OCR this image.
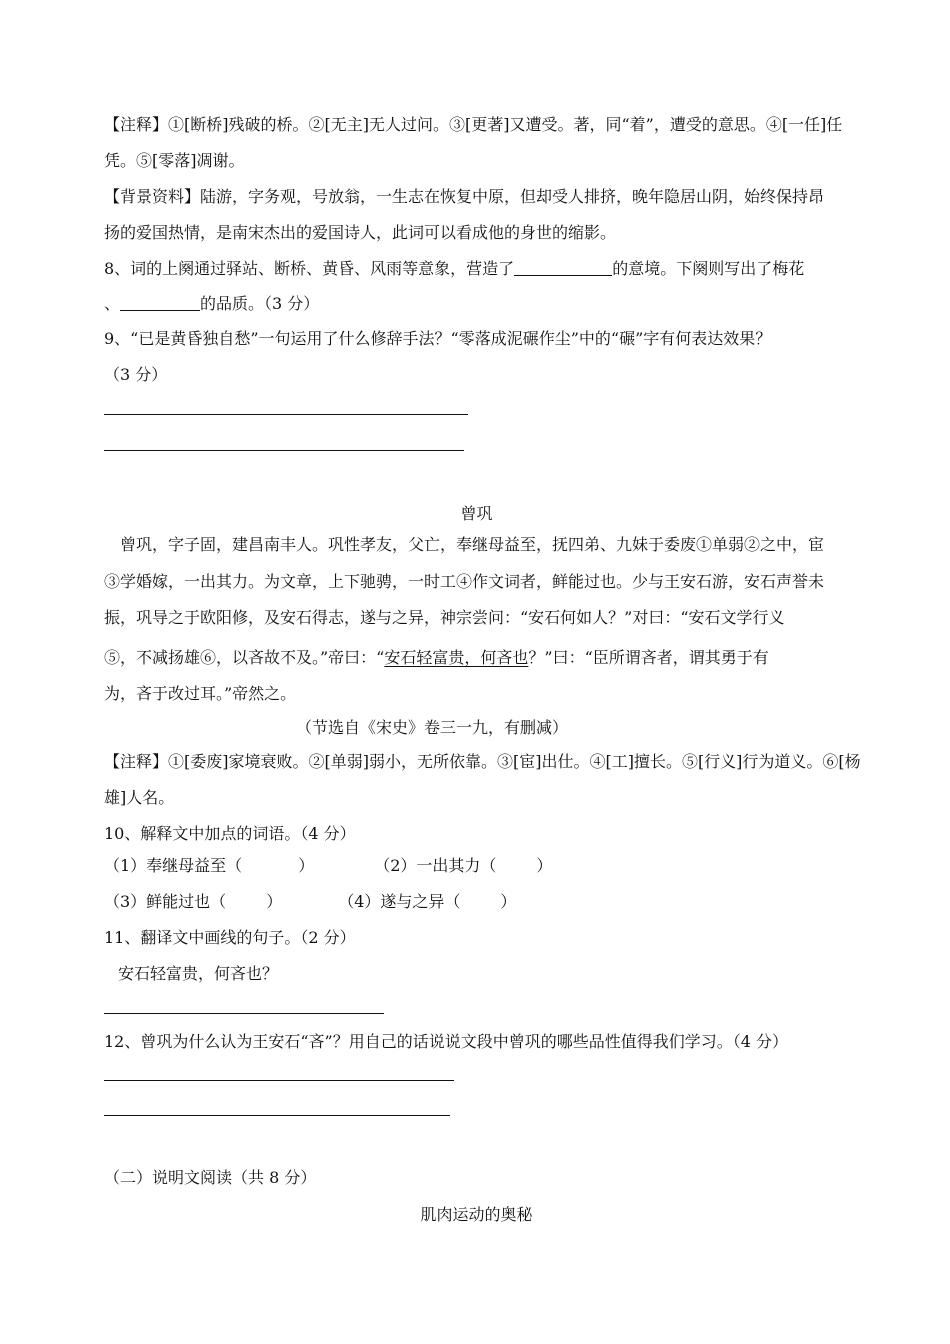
【注释】①[断桥]残破的桥。②[无主]无人过问。③[更著]又遭受。著，同“着”，遭受的意思。④[一任]任
凭。⑤[零落]凋谢。
【背景资料】陆游，字务观，号放翁，一生志在恢复中原，但却受人排挤，晚年隐居山阴，始终保持昂
扬的爱国热情，是南宋杰出的爱国诗人，此词可以看成他的身世的缩影。
8、词的上阕通过驿站、断桥、黄昏、风雨等意象，营造了	的意境。下阕则写出了梅花
、	的品质。（3 分）
9、“已是黄昏独自愁”一句运用了什么修辞手法？“零落成泥碾作尘”中的“碾”字有何表达效果？
（3 分）
曾巩
曾巩，字子固，建昌南丰人。巩性孝友，父亡，奉继母益至，抚四弟、九妹于委废①单弱②之中，宦
③学婚嫁，一出其力。为文章，上下驰骋，一时工④作文词者，鲜能过也。少与王安石游，安石声誉未
振，巩导之于欧阳修，及安石得志，遂与之异，神宗尝问：“安石何如人？”对曰：“安石文学行义
⑤，不减扬雄⑥，以吝故不及。”帝曰：“安石轻富贵，何吝也？”曰：“臣所谓吝者，谓其勇于有
为，吝于改过耳。”帝然之。
（节选自《宋史》卷三一九，有删减）
【注释】①[委废]家境衰败。②[单弱]弱小，无所依靠。③[宦]出仕。④[工]擅长。⑤[行义]行为道义。⑥[杨
雄]人名。
10、解释文中加点的词语。（4 分）
（1）奉继母益至（	）	（2）一出其力（	）
（3）鲜能过也（	）	（4）遂与之异（	）
11、翻译文中画线的句子。（2 分）
安石轻富贵，何吝也？
12、曾巩为什么认为王安石“吝”？用自己的话说说文段中曾巩的哪些品性值得我们学习。（4 分）
（二）说明文阅读（共 8 分）
肌肉运动的奥秘
